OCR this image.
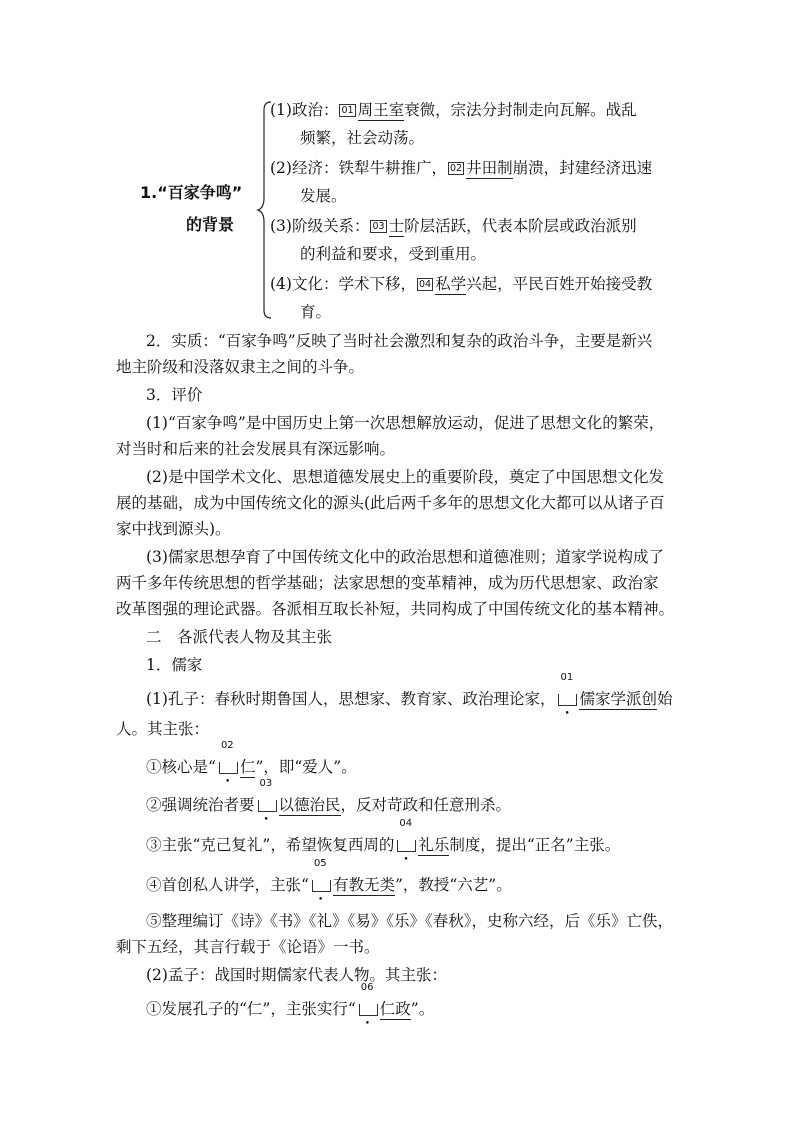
1.“百家争鸣”
的背景
(1)政治： 01 周王室衰微，宗法分封制走向瓦解。战乱
频繁，社会动荡。
(2)经济：铁犁牛耕推广， 02 井田制崩溃，封建经济迅速
发展。
(3)阶级关系： 03 士阶层活跃，代表本阶层或政治派别
的利益和要求，受到重用。
(4)文化：学术下移， 04 私学兴起，平民百姓开始接受教
育。
2．实质：“百家争鸣”反映了当时社会激烈和复杂的政治斗争，主要是新兴
地主阶级和没落奴隶主之间的斗争。
3．评价
(1)“百家争鸣”是中国历史上第一次思想解放运动，促进了思想文化的繁荣，
对当时和后来的社会发展具有深远影响。
(2)是中国学术文化、思想道德发展史上的重要阶段，奠定了中国思想文化发
展的基础，成为中国传统文化的源头(此后两千多年的思想文化大都可以从诸子百
家中找到源头)。
(3)儒家思想孕育了中国传统文化中的政治思想和道德准则；道家学说构成了
两千多年传统思想的哲学基础；法家思想的变革精神，成为历代思想家、政治家
改革图强的理论武器。各派相互取长补短，共同构成了中国传统文化的基本精神。
二　各派代表人物及其主张
1．儒家
(1)孔子：春秋时期鲁国人，思想家、教育家、政治理论家，
01
•
儒家学派创始
人。其主张：
①核心是“
02
•
仁”，即“爱人”。
②强调统治者要
03
•
以德治民，反对苛政和任意刑杀。
③主张“克己复礼”，希望恢复西周的
04
•
礼乐制度，提出“正名”主张。
④首创私人讲学，主张“
05
•
有教无类”，教授“六艺”。
⑤整理编订《诗》《书》《礼》《易》《乐》《春秋》，史称六经，后《乐》亡佚，
剩下五经，其言行载于《论语》一书。
(2)孟子：战国时期儒家代表人物。其主张：
①发展孔子的“仁”，主张实行“
06
•
仁政”。
